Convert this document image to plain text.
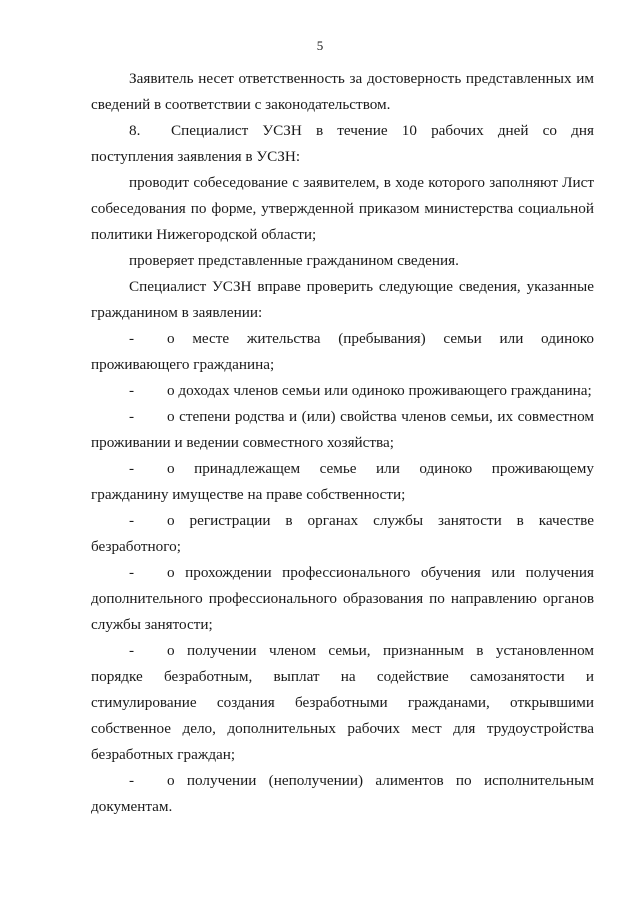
5

Заявитель несет ответственность за достоверность представленных им сведений в соответствии с законодательством.

8.	Специалист УСЗН в течение 10 рабочих дней со дня поступления заявления в УСЗН:

проводит собеседование с заявителем, в ходе которого заполняют Лист собеседования по форме, утвержденной приказом министерства социальной политики Нижегородской области;

проверяет представленные гражданином сведения.

Специалист УСЗН вправе проверить следующие сведения, указанные гражданином в заявлении:

-	о месте жительства (пребывания) семьи или одиноко проживающего гражданина;

-	о доходах членов семьи или одиноко проживающего гражданина;

-	о степени родства и (или) свойства членов семьи, их совместном проживании и ведении совместного хозяйства;

-	о принадлежащем семье или одиноко проживающему гражданину имуществе на праве собственности;

-	о регистрации в органах службы занятости в качестве безработного;

-	о прохождении профессионального обучения или получения дополнительного профессионального образования по направлению органов службы занятости;

-	о получении членом семьи, признанным в установленном порядке безработным, выплат на содействие самозанятости и стимулирование создания безработными гражданами, открывшими собственное дело, дополнительных рабочих мест для трудоустройства безработных граждан;

-	о получении (неполучении) алиментов по исполнительным документам.
